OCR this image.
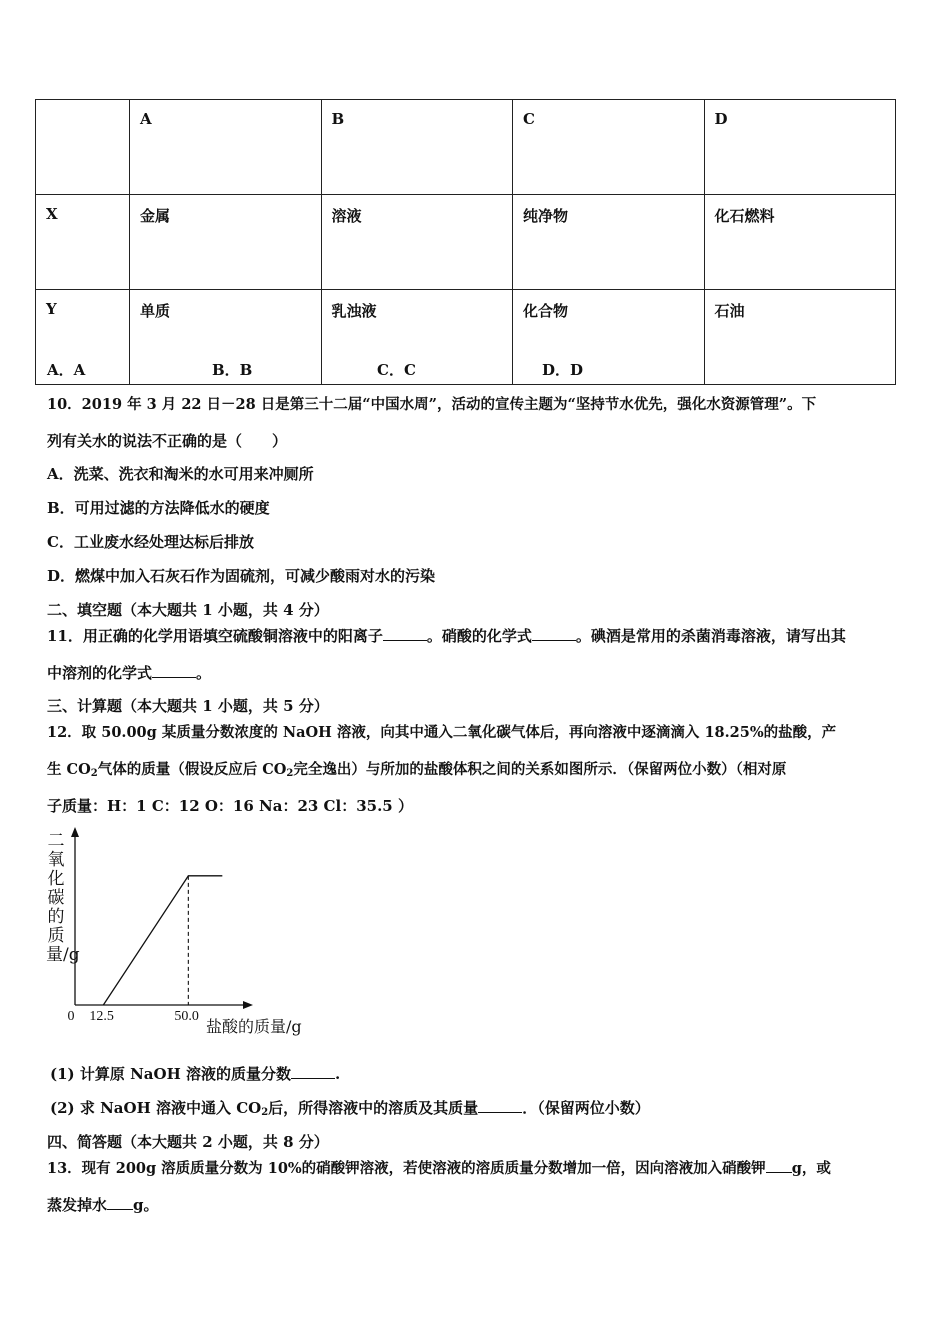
	A	B	C	D
X	金属	溶液	纯净物	化石燃料
Y	单质	乳浊液	化合物	石油
A．A	B．B	C．C	D．D
10．2019 年 3 月 22 日－28 日是第三十二届“中国水周”，活动的宣传主题为“坚持节水优先，强化水资源管理”。下
列有关水的说法不正确的是（　　）
A．洗菜、洗衣和淘米的水可用来冲厕所
B．可用过滤的方法降低水的硬度
C．工业废水经处理达标后排放
D．燃煤中加入石灰石作为固硫剂，可减少酸雨对水的污染
二、填空题（本大题共 1 小题，共 4 分）
11．用正确的化学用语填空硫酸铜溶液中的阳离子	。硝酸的化学式	。碘酒是常用的杀菌消毒溶液，请写出其
中溶剂的化学式	。
三、计算题（本大题共 1 小题，共 5 分）
12．取 50.00g 某质量分数浓度的 NaOH 溶液，向其中通入二氧化碳气体后，再向溶液中逐滴滴入 18.25%的盐酸，产
生 $CO_2$气体的质量（假设反应后 $CO_2$完全逸出）与所加的盐酸体积之间的关系如图所示．（保留两位小数）（相对原
子质量：H：1 C：12 O：16 Na：23 Cl：35.5 ）
二氧化碳的质量/g
0 12.5	50.0
盐酸的质量/g
(1) 计算原 NaOH 溶液的质量分数	.
(2) 求 NaOH 溶液中通入 $CO_2$后，所得溶液中的溶质及其质量	．（保留两位小数）
四、简答题（本大题共 2 小题，共 8 分）
13．现有 200g 溶质质量分数为 10%的硝酸钾溶液，若使溶液的溶质质量分数增加一倍，因向溶液加入硝酸钾 g，或
蒸发掉水 g。
